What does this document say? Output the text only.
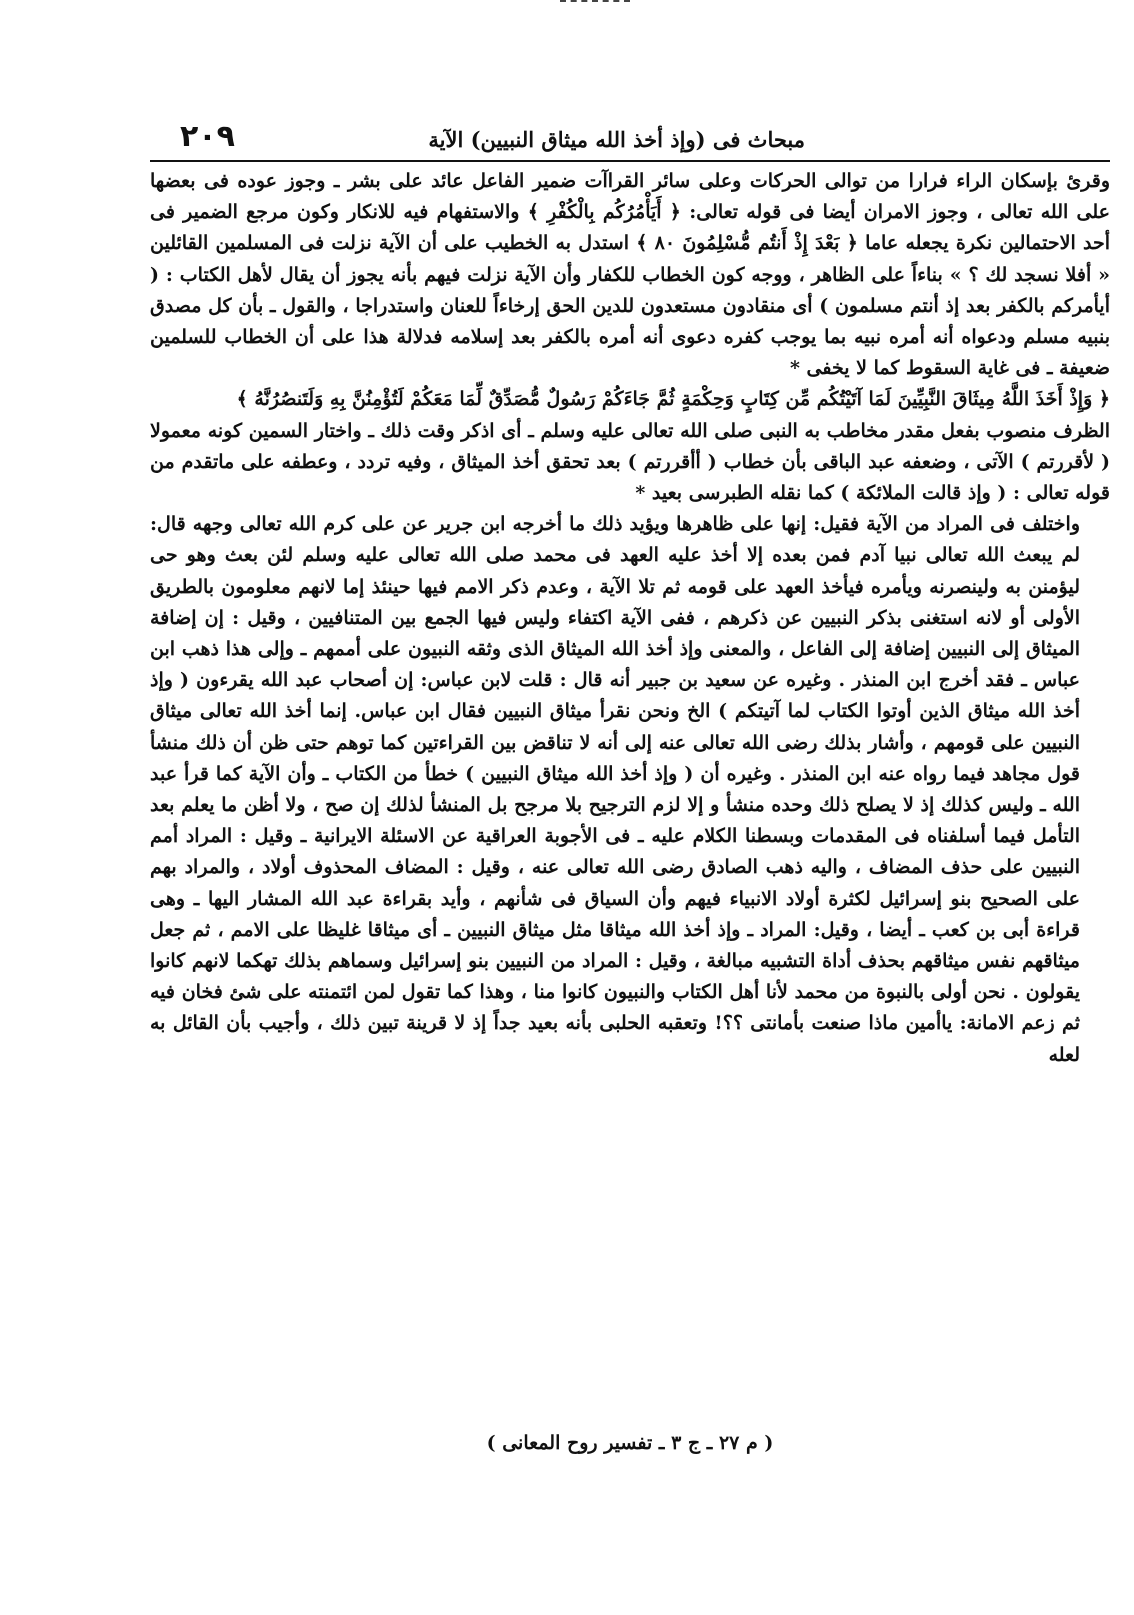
٢٠٩	مبحاث فى (وإذ أخذ الله ميثاق النبيين) الآية

وقرئ بإسكان الراء فرارا من توالى الحركات وعلى سائر القراآت ضمير الفاعل عائد على بشر ـ وجوز عوده فى بعضها على الله تعالى ، وجوز الامران أيضا فى قوله تعالى: ﴿ أَيَأْمُرُكُم بِالْكُفْرِ ﴾ والاستفهام فيه للانكار وكون مرجع الضمير فى أحد الاحتمالين نكرة يجعله عاما ﴿ بَعْدَ إِذْ أَنتُم مُّسْلِمُونَ ٨٠ ﴾ استدل به الخطيب على أن الآية نزلت فى المسلمين القائلين « أفلا نسجد لك ؟ » بناءاً على الظاهر ، ووجه كون الخطاب للكفار وأن الآية نزلت فيهم بأنه يجوز أن يقال لأهل الكتاب : ( أيأمركم بالكفر بعد إذ أنتم مسلمون ) أى منقادون مستعدون للدين الحق إرخاءاً للعنان واستدراجا ، والقول ـ بأن كل مصدق بنبيه مسلم ودعواه أنه أمره نبيه بما يوجب كفره دعوى أنه أمره بالكفر بعد إسلامه فدلالة هذا على أن الخطاب للسلمين ضعيفة ـ فى غاية السقوط كما لا يخفى *

﴿ وَإِذْ أَخَذَ اللَّهُ مِيثَاقَ النَّبِيِّينَ لَمَا آتَيْتُكُم مِّن كِتَابٍ وَحِكْمَةٍ ثُمَّ جَاءَكُمْ رَسُولٌ مُّصَدِّقٌ لِّمَا مَعَكُمْ لَتُؤْمِنُنَّ بِهِ وَلَتَنصُرُنَّهُ ﴾

الظرف منصوب بفعل مقدر مخاطب به النبى صلى الله تعالى عليه وسلم ـ أى اذكر وقت ذلك ـ واختار السمين كونه معمولا ( لأقررتم ) الآتى ، وضعفه عبد الباقى بأن خطاب ( أأقررتم ) بعد تحقق أخذ الميثاق ، وفيه تردد ، وعطفه على ماتقدم من قوله تعالى : ( وإذ قالت الملائكة ) كما نقله الطبرسى بعيد *

واختلف فى المراد من الآية فقيل: إنها على ظاهرها ويؤيد ذلك ما أخرجه ابن جرير عن على كرم الله تعالى وجهه قال: لم يبعث الله تعالى نبيا آدم فمن بعده إلا أخذ عليه العهد فى محمد صلى الله تعالى عليه وسلم لئن بعث وهو حى ليؤمنن به ولينصرنه ويأمره فيأخذ العهد على قومه ثم تلا الآية ، وعدم ذكر الامم فيها حينئذ إما لانهم معلومون بالطريق الأولى أو لانه استغنى بذكر النبيين عن ذكرهم ، ففى الآية اكتفاء وليس فيها الجمع بين المتنافيين ، وقيل : إن إضافة الميثاق إلى النبيين إضافة إلى الفاعل ، والمعنى وإذ أخذ الله الميثاق الذى وثقه النبيون على أممهم ـ وإلى هذا ذهب ابن عباس ـ فقد أخرج ابن المنذر . وغيره عن سعيد بن جبير أنه قال : قلت لابن عباس: إن أصحاب عبد الله يقرءون ( وإذ أخذ الله ميثاق الذين أوتوا الكتاب لما آتيتكم ) الخ ونحن نقرأ ميثاق النبيين فقال ابن عباس. إنما أخذ الله تعالى ميثاق النبيين على قومهم ، وأشار بذلك رضى الله تعالى عنه إلى أنه لا تناقض بين القراءتين كما توهم حتى ظن أن ذلك منشأ قول مجاهد فيما رواه عنه ابن المنذر . وغيره أن ( وإذ أخذ الله ميثاق النبيين ) خطأ من الكتاب ـ وأن الآية كما قرأ عبد الله ـ وليس كذلك إذ لا يصلح ذلك وحده منشأ و إلا لزم الترجيح بلا مرجح بل المنشأ لذلك إن صح ، ولا أظن ما يعلم بعد التأمل فيما أسلفناه فى المقدمات وبسطنا الكلام عليه ـ فى الأجوبة العراقية عن الاسئلة الايرانية ـ وقيل : المراد أمم النبيين على حذف المضاف ، واليه ذهب الصادق رضى الله تعالى عنه ، وقيل : المضاف المحذوف أولاد ، والمراد بهم على الصحيح بنو إسرائيل لكثرة أولاد الانبياء فيهم وأن السياق فى شأنهم ، وأيد بقراءة عبد الله المشار اليها ـ وهى قراءة أبى بن كعب ـ أيضا ، وقيل: المراد ـ وإذ أخذ الله ميثاقا مثل ميثاق النبيين ـ أى ميثاقا غليظا على الامم ، ثم جعل ميثاقهم نفس ميثاقهم بحذف أداة التشبيه مبالغة ، وقيل : المراد من النبيين بنو إسرائيل وسماهم بذلك تهكما لانهم كانوا يقولون . نحن أولى بالنبوة من محمد لأنا أهل الكتاب والنبيون كانوا منا ، وهذا كما تقول لمن ائتمنته على شئ فخان فيه ثم زعم الامانة: ياأمين ماذا صنعت بأمانتى ؟؟! وتعقبه الحلبى بأنه بعيد جداً إذ لا قرينة تبين ذلك ، وأجيب بأن القائل به لعله

( م ٢٧ ـ ج ٣ ـ تفسير روح المعانى )
